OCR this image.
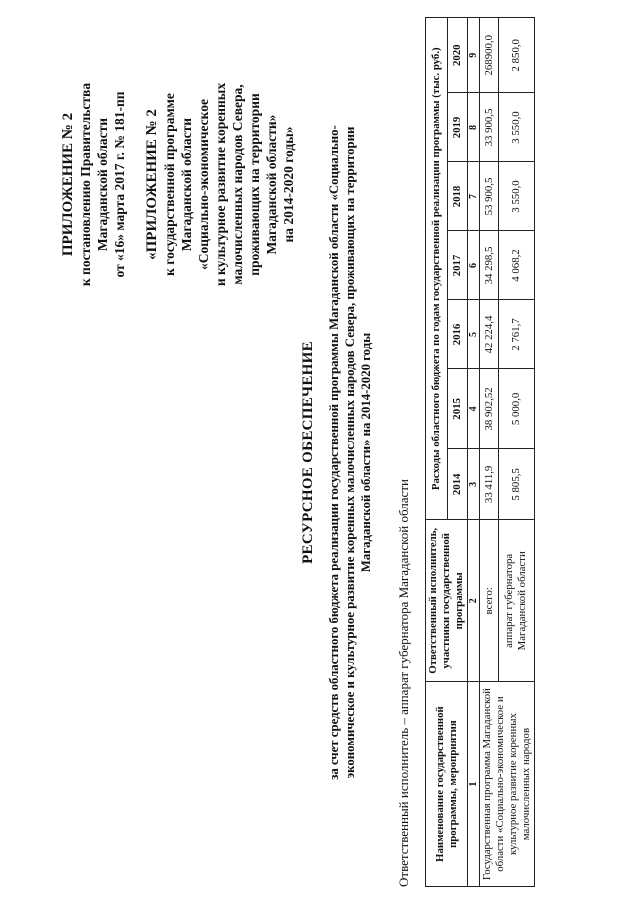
ПРИЛОЖЕНИЕ № 2 к постановлению Правительства Магаданской области от «16» марта 2017 г. № 181-пп «ПРИЛОЖЕНИЕ № 2 к государственной программе Магаданской области «Социально-экономическое и культурное развитие коренных малочисленных народов Севера, проживающих на территории Магаданской области» на 2014-2020 годы»
РЕСУРСНОЕ ОБЕСПЕЧЕНИЕ за счет средств областного бюджета реализации государственной программы Магаданской области «Социально- экономическое и культурное развитие коренных малочисленных народов Севера, проживающих на территории Магаданской области» на 2014-2020 годы
Ответственный исполнитель – аппарат губернатора Магаданской области Наименование государственной программы, мероприятия	Ответственный исполнитель, участники государственной программы	Расходы областного бюджета по годам государственной реализации программы (тыс. руб.)						
		2014	2015	2016	2017	2018	2019	2020
1	2	3	4	5	6	7	8	9
Государственная программа Магаданской области «Социально-экономическое и культурное развитие коренных малочисленных народов	всего:	33 411,9	38 902,52	42 224,4	34 298,5	53 900,5	33 900,5	268900,0
	аппарат губернатора Магаданской области	5 805,5	5 000,0	2 761,7	4 068,2	3 550,0	3 550,0	2 850,0
